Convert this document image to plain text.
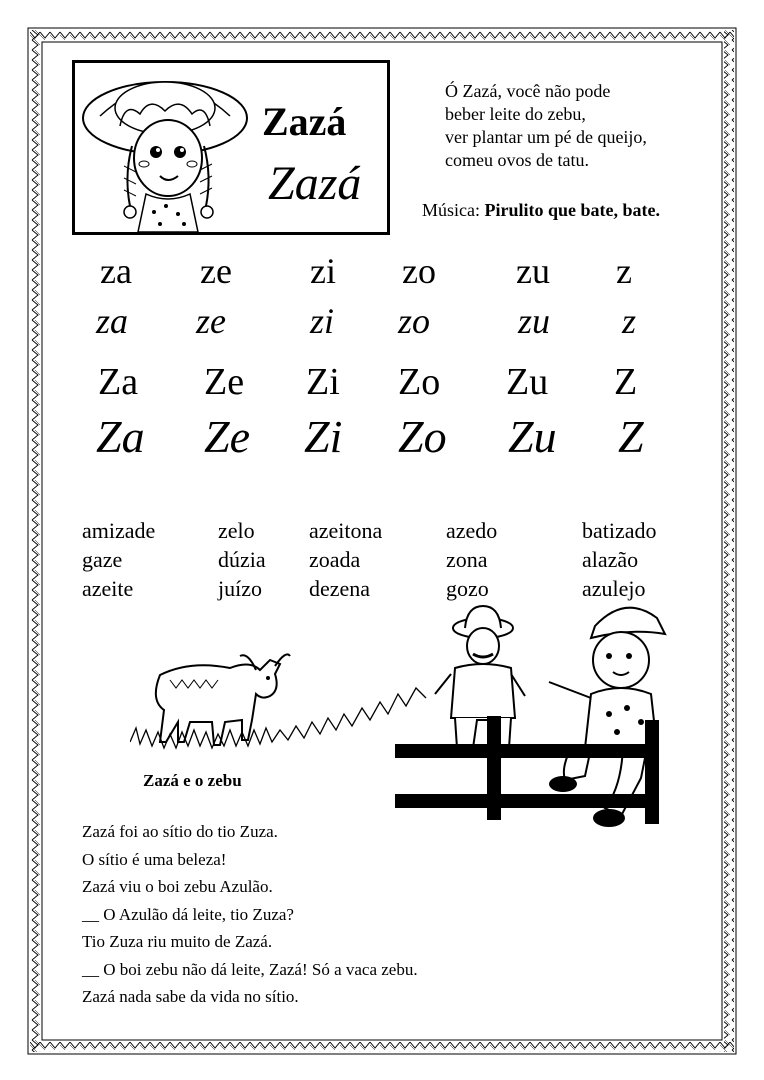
Zazá
Zazá
Ó Zazá, você não pode
beber leite do zebu,
ver plantar um pé de queijo,
comeu ovos de tatu.
Música: Pirulito que bate, bate.
za ze zi zo zu z
za ze zi zo zu z
Za Ze Zi Zo Zu Z
Za Ze Zi Zo Zu Z
amizade
gaze
azeite
zelo
dúzia
juízo
azeitona
zoada
dezena
azedo
zona
gozo
batizado
alazão
azulejo
Zazá e o zebu
Zazá foi ao sítio do tio Zuza.
O sítio é uma beleza!
Zazá viu o boi zebu Azulão.
__ O Azulão dá leite, tio Zuza?
Tio Zuza riu muito de Zazá.
__ O boi zebu não dá leite, Zazá! Só a vaca zebu.
Zazá nada sabe da vida no sítio.
